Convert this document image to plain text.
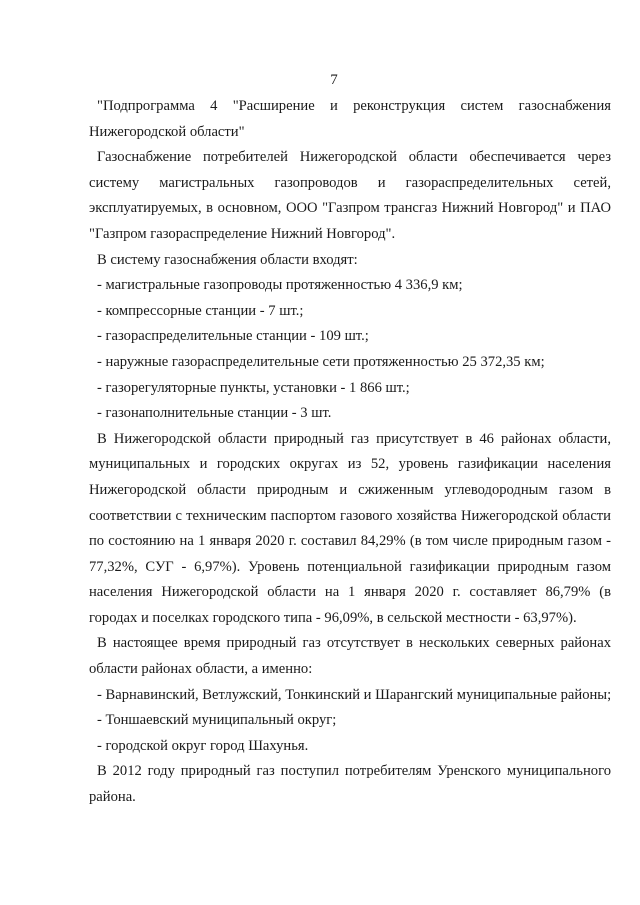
7

"Подпрограмма 4 "Расширение и реконструкция систем газоснабжения Нижегородской области"

Газоснабжение потребителей Нижегородской области обеспечивается через систему магистральных газопроводов и газораспределительных сетей, эксплуатируемых, в основном, ООО "Газпром трансгаз Нижний Новгород" и ПАО "Газпром газораспределение Нижний Новгород".

В систему газоснабжения области входят:

- магистральные газопроводы протяженностью 4 336,9 км;

- компрессорные станции - 7 шт.;

- газораспределительные станции - 109 шт.;

- наружные газораспределительные сети протяженностью 25 372,35 км;

- газорегуляторные пункты, установки - 1 866 шт.;

- газонаполнительные станции - 3 шт.

В Нижегородской области природный газ присутствует в 46 районах области, муниципальных и городских округах из 52, уровень газификации населения Нижегородской области природным и сжиженным углеводородным газом в соответствии с техническим паспортом газового хозяйства Нижегородской области по состоянию на 1 января 2020 г. составил 84,29% (в том числе природным газом - 77,32%, СУГ - 6,97%). Уровень потенциальной газификации природным газом населения Нижегородской области на 1 января 2020 г. составляет 86,79% (в городах и поселках городского типа - 96,09%, в сельской местности - 63,97%).

В настоящее время природный газ отсутствует в нескольких северных районах области районах области, а именно:

- Варнавинский, Ветлужский, Тонкинский и Шарангский муниципальные районы;

- Тоншаевский муниципальный округ;

- городской округ город Шахунья.

В 2012 году природный газ поступил потребителям Уренского муниципального района.
